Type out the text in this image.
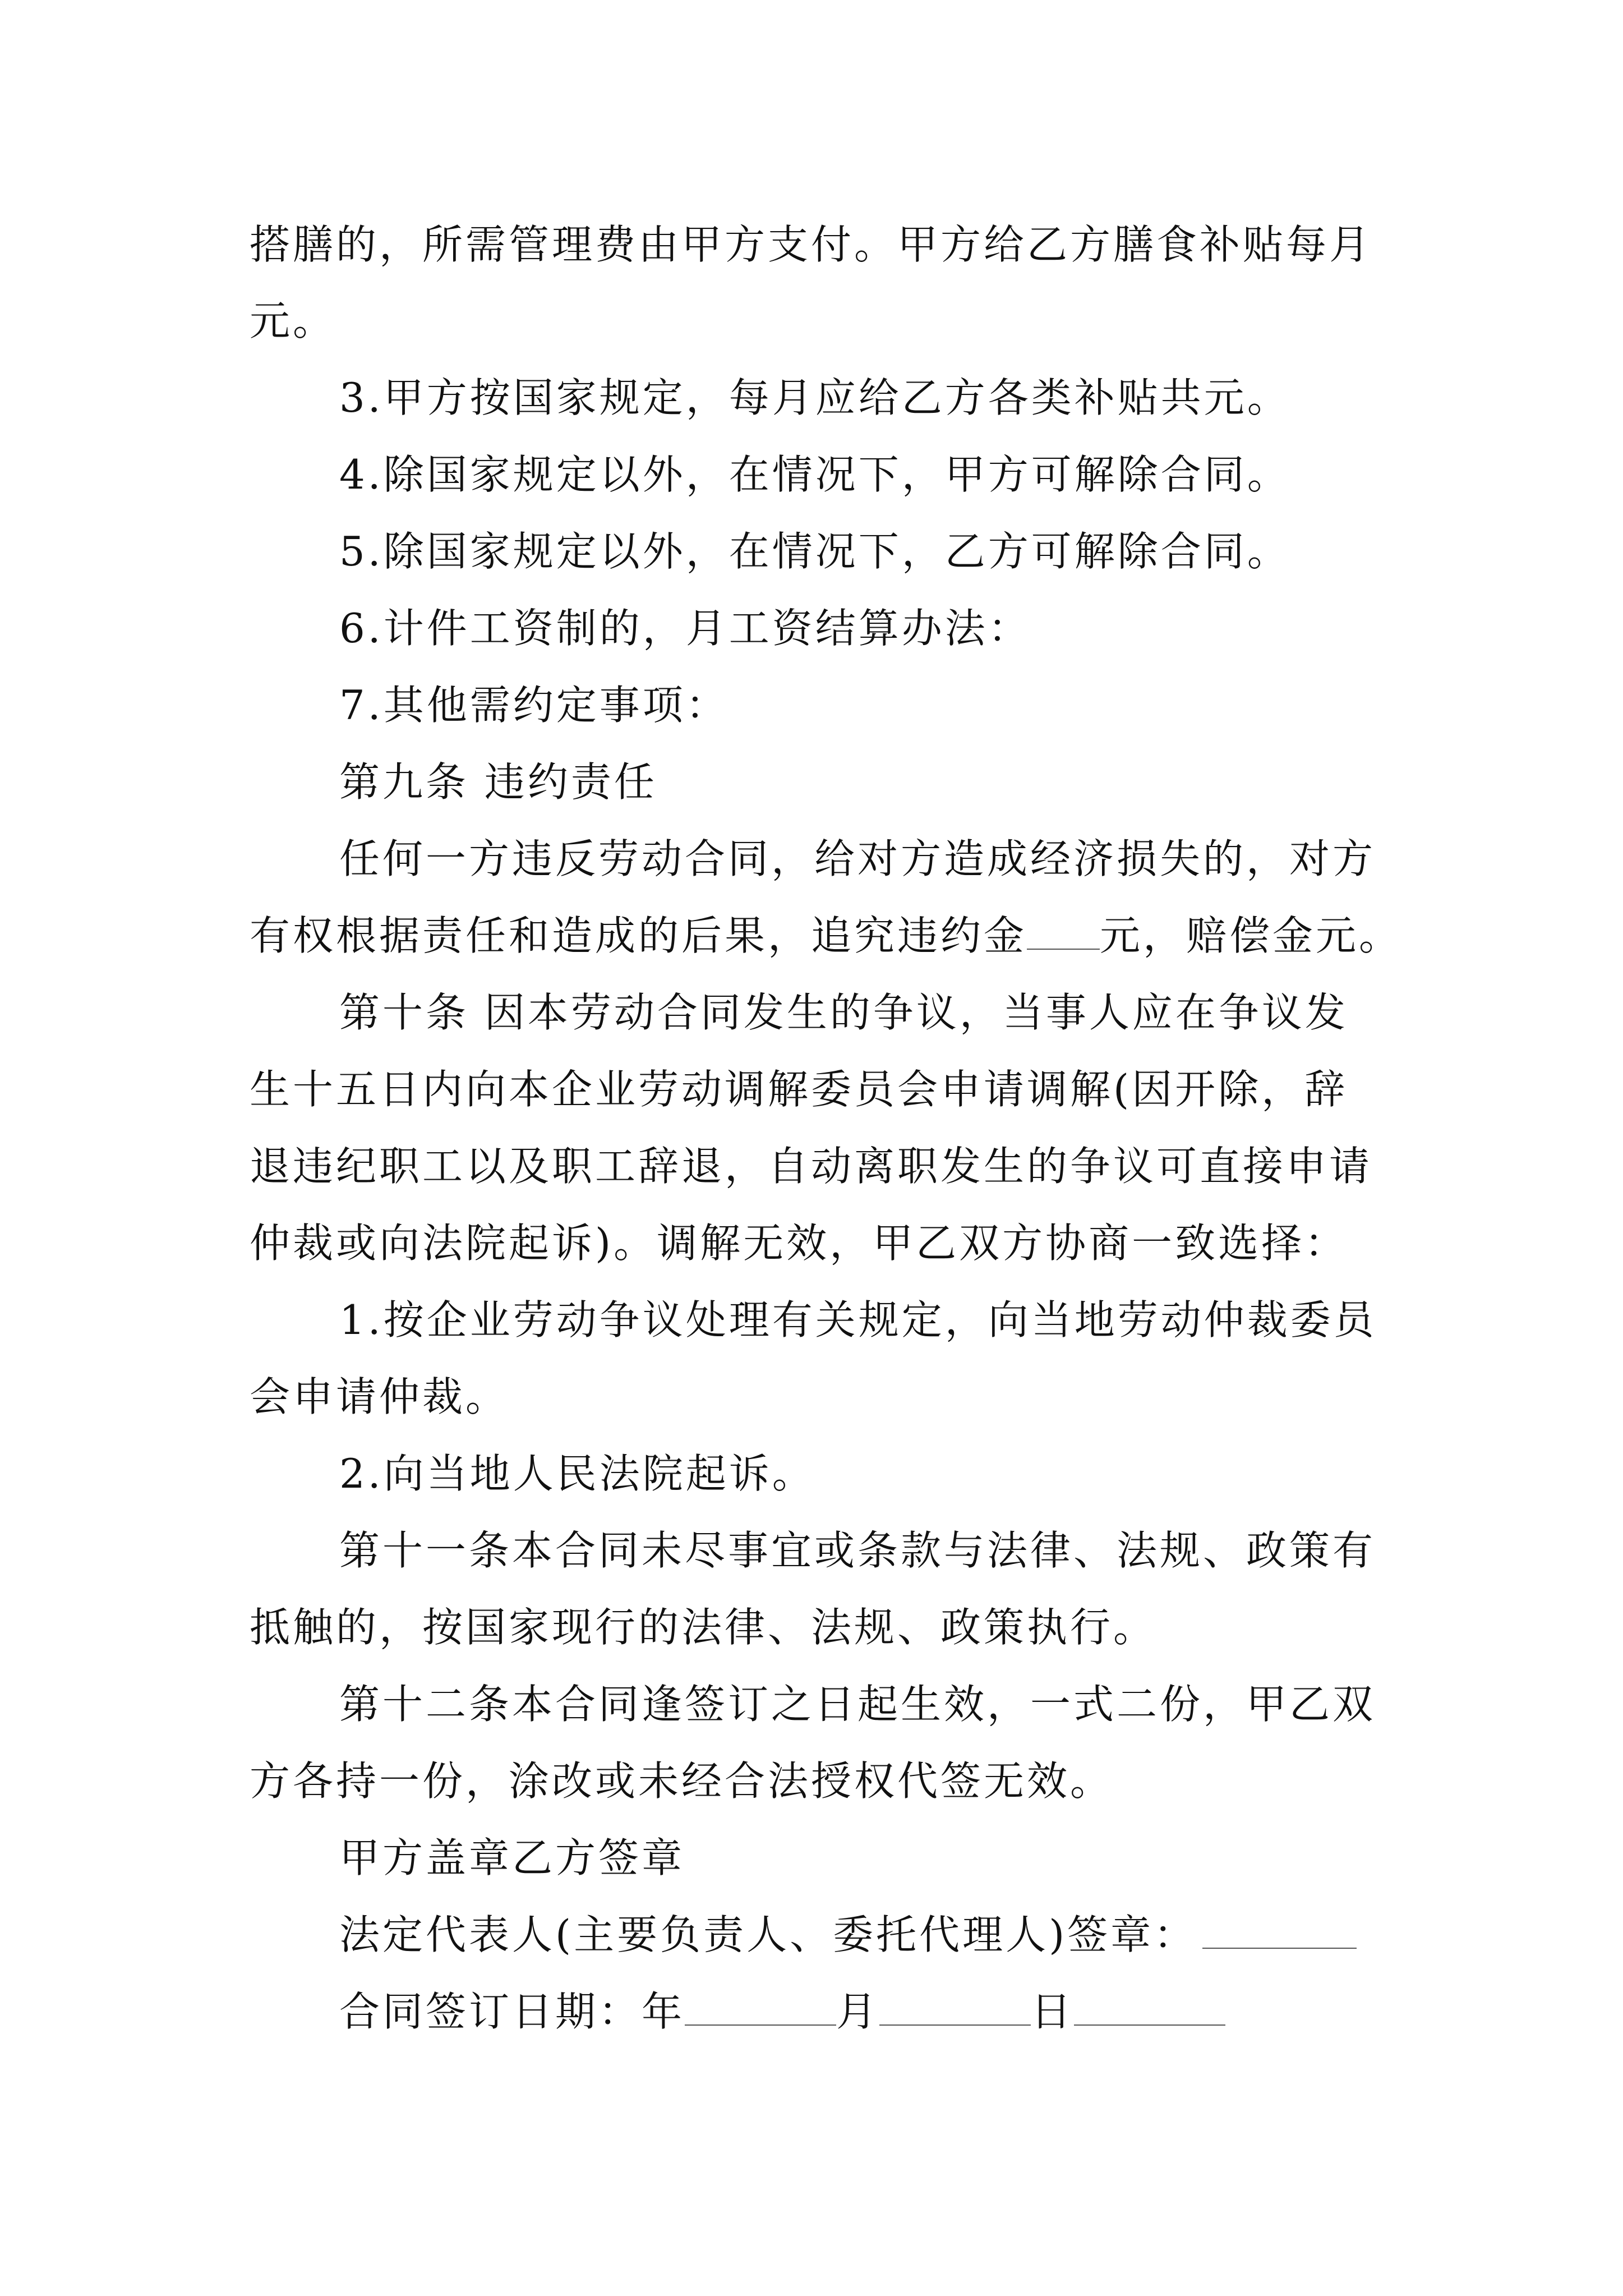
搭膳的，所需管理费由甲方支付。甲方给乙方膳食补贴每月
元。
3.甲方按国家规定，每月应给乙方各类补贴共元。
4.除国家规定以外，在情况下，甲方可解除合同。
5.除国家规定以外，在情况下，乙方可解除合同。
6.计件工资制的，月工资结算办法：
7.其他需约定事项：
第九条 违约责任
任何一方违反劳动合同，给对方造成经济损失的，对方
有权根据责任和造成的后果，追究违约金 元，赔偿金元。
第十条 因本劳动合同发生的争议，当事人应在争议发
生十五日内向本企业劳动调解委员会申请调解(因开除，辞
退违纪职工以及职工辞退，自动离职发生的争议可直接申请
仲裁或向法院起诉)。调解无效，甲乙双方协商一致选择：
1.按企业劳动争议处理有关规定，向当地劳动仲裁委员
会申请仲裁。
2.向当地人民法院起诉。
第十一条本合同未尽事宜或条款与法律、法规、政策有
抵触的，按国家现行的法律、法规、政策执行。
第十二条本合同逢签订之日起生效，一式二份，甲乙双
方各持一份，涂改或未经合法授权代签无效。
甲方盖章乙方签章
法定代表人(主要负责人、委托代理人)签章：
合同签订日期：年	月	日
